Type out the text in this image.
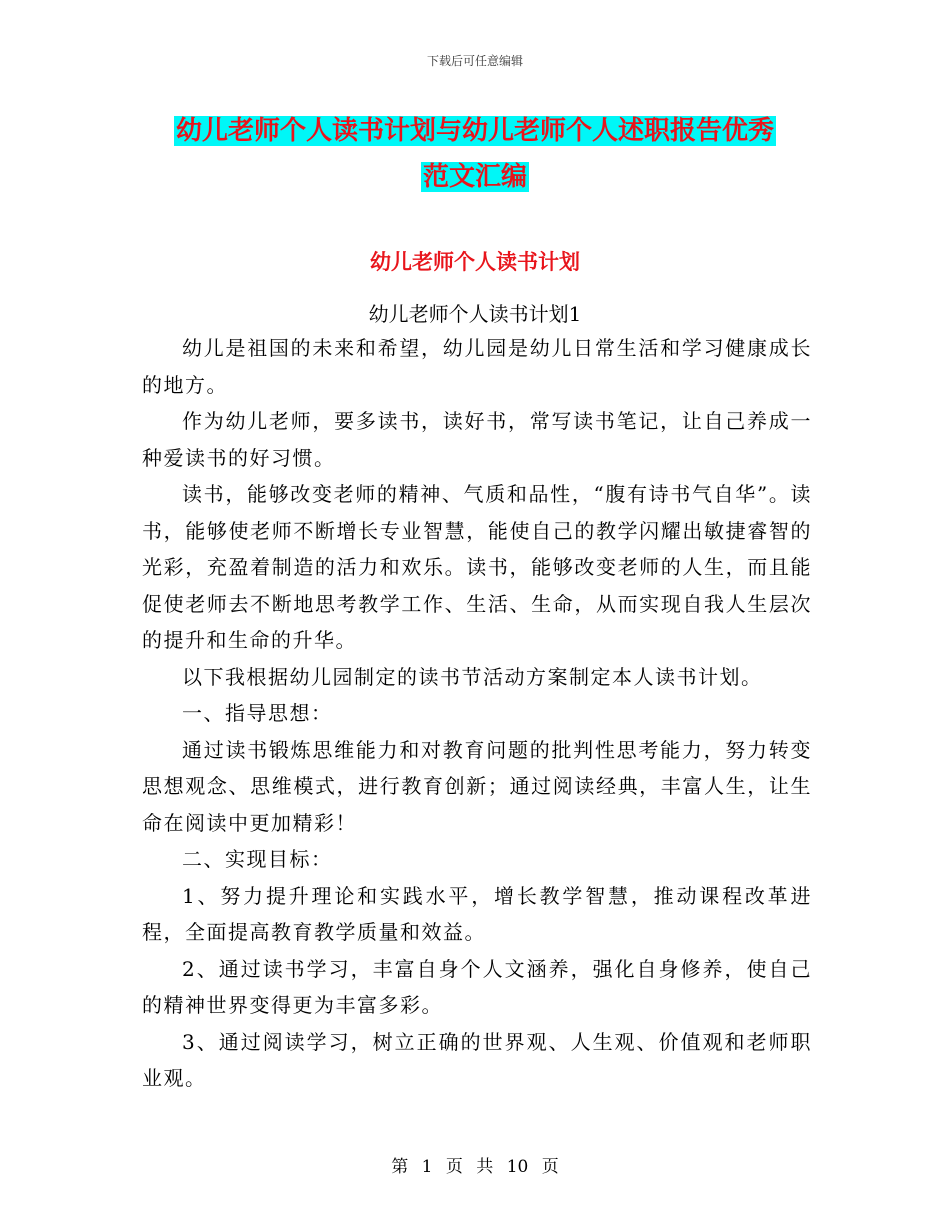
下载后可任意编辑
幼儿老师个人读书计划与幼儿老师个人述职报告优秀
范文汇编
幼儿老师个人读书计划
幼儿老师个人读书计划1

幼儿是祖国的未来和希望，幼儿园是幼儿日常生活和学习健康成长的地方。

作为幼儿老师，要多读书，读好书，常写读书笔记，让自己养成一种爱读书的好习惯。

读书，能够改变老师的精神、气质和品性，“腹有诗书气自华”。读书，能够使老师不断增长专业智慧，能使自己的教学闪耀出敏捷睿智的光彩，充盈着制造的活力和欢乐。读书，能够改变老师的人生，而且能促使老师去不断地思考教学工作、生活、生命，从而实现自我人生层次的提升和生命的升华。

以下我根据幼儿园制定的读书节活动方案制定本人读书计划。

一、指导思想：

通过读书锻炼思维能力和对教育问题的批判性思考能力，努力转变思想观念、思维模式，进行教育创新；通过阅读经典，丰富人生，让生命在阅读中更加精彩！

二、实现目标：

1、努力提升理论和实践水平，增长教学智慧，推动课程改革进程，全面提高教育教学质量和效益。

2、通过读书学习，丰富自身个人文涵养，强化自身修养，使自己的精神世界变得更为丰富多彩。

3、通过阅读学习，树立正确的世界观、人生观、价值观和老师职业观。

第 1 页 共 10 页
